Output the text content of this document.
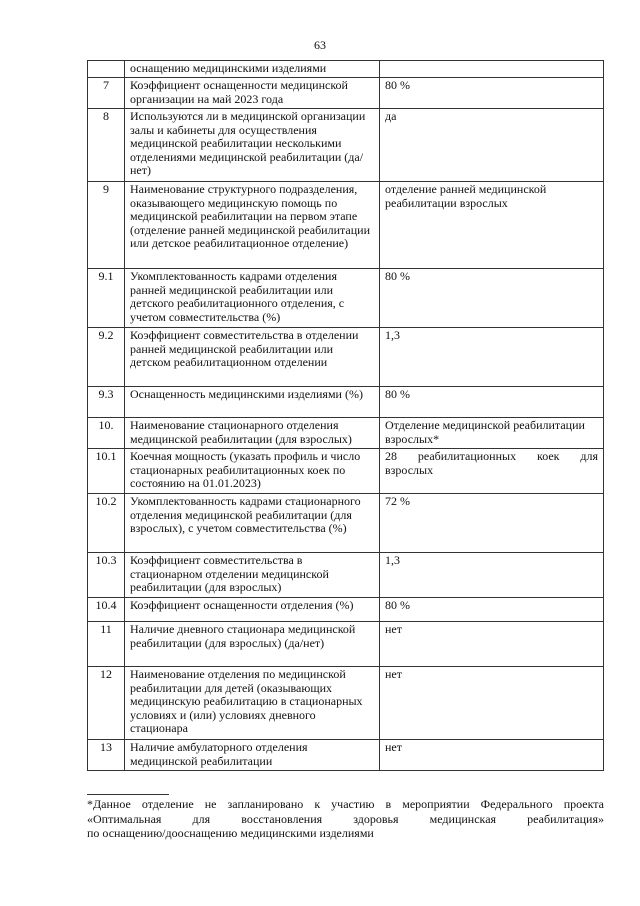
63
	оснащению медицинскими изделиями	
7	Коэффициент оснащенности медицинской организации на май 2023 года	80 %
8	Используются ли в медицинской организации залы и кабинеты для осуществления медицинской реабилитации несколькими отделениями медицинской реабилитации (да/нет)	да
9	Наименование структурного подразделения, оказывающего медицинскую помощь по медицинской реабилитации на первом этапе (отделение ранней медицинской реабилитации или детское реабилитационное отделение)	отделение ранней медицинской реабилитации взрослых
9.1	Укомплектованность кадрами отделения ранней медицинской реабилитации или детского реабилитационного отделения, с учетом совместительства (%)	80 %
9.2	Коэффициент совместительства в отделении ранней медицинской реабилитации или детском реабилитационном отделении	1,3
9.3	Оснащенность медицинскими изделиями (%)	80 %
10.	Наименование стационарного отделения медицинской реабилитации (для взрослых)	Отделение медицинской реабилитации взрослых*
10.1	Коечная мощность (указать профиль и число стационарных реабилитационных коек по состоянию на 01.01.2023)	28 реабилитационных коек для
взрослых

10.2	Укомплектованность кадрами стационарного отделения медицинской реабилитации (для взрослых), с учетом совместительства (%)	72 %
10.3	Коэффициент совместительства в стационарном отделении медицинской реабилитации (для взрослых)	1,3
10.4	Коэффициент оснащенности отделения (%)	80 %
11	Наличие дневного стационара медицинской реабилитации (для взрослых) (да/нет)	нет
12	Наименование отделения по медицинской реабилитации для детей (оказывающих медицинскую реабилитацию в стационарных условиях и (или) условиях дневного стационара	нет
13	Наличие амбулаторного отделения медицинской реабилитации	нет
*Данное отделение не запланировано к участию в мероприятии Федерального проекта
«Оптимальная для восстановления здоровья медицинская реабилитация»
по оснащению/дооснащению медицинскими изделиями
